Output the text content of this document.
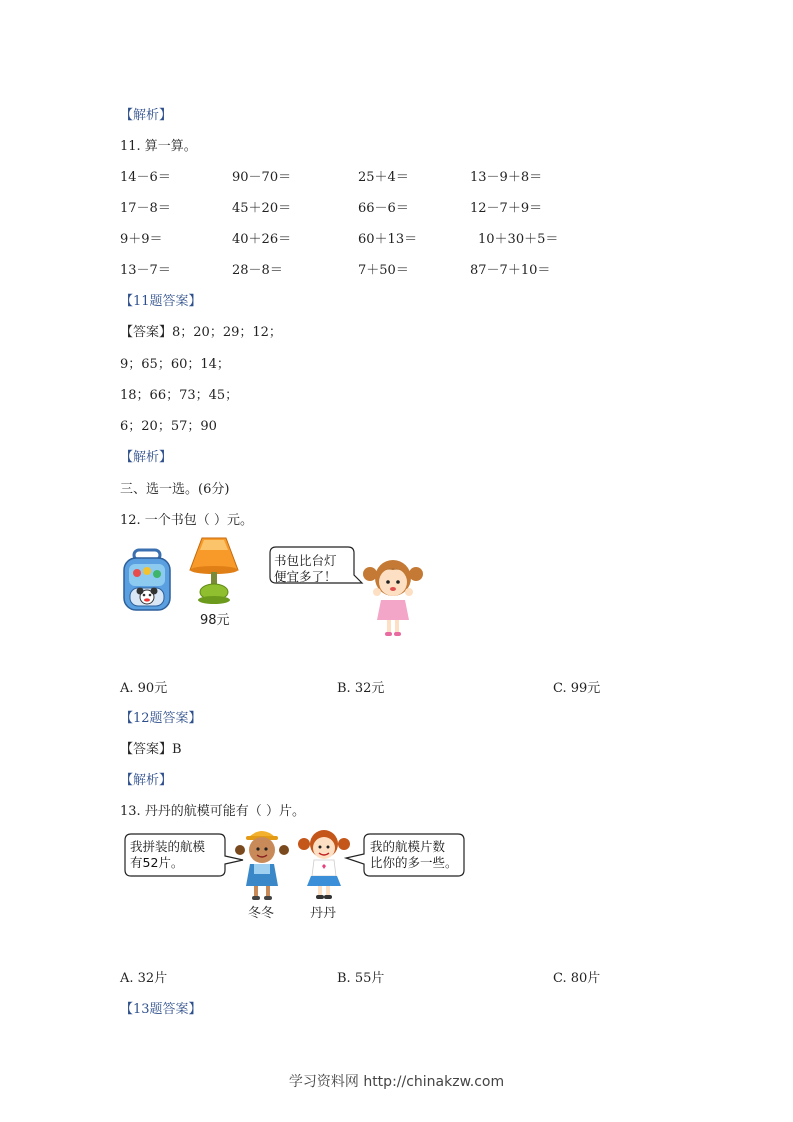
【解析】
11. 算一算。
14－6＝	90－70＝	25＋4＝	13－9＋8＝
17－8＝	45＋20＝	66－6＝	12－7＋9＝
9＋9＝	40＋26＝	60＋13＝	10＋30＋5＝
13－7＝	28－8＝	7＋50＝	87－7＋10＝
【11题答案】
【答案】8；20；29；12；
9；65；60；14；
18；66；73；45；
6；20；57；90
【解析】
三、选一选。(6分)
12. 一个书包（ ）元。
98元
书包比台灯
便宜多了！
A. 90元	B. 32元	C. 99元
【12题答案】
【答案】B
【解析】
13. 丹丹的航模可能有（ ）片。
我拼装的航模
有52片。
冬冬	丹丹
我的航模片数
比你的多一些。
A. 32片	B. 55片	C. 80片
【13题答案】
学习资料网 http://chinakzw.com
